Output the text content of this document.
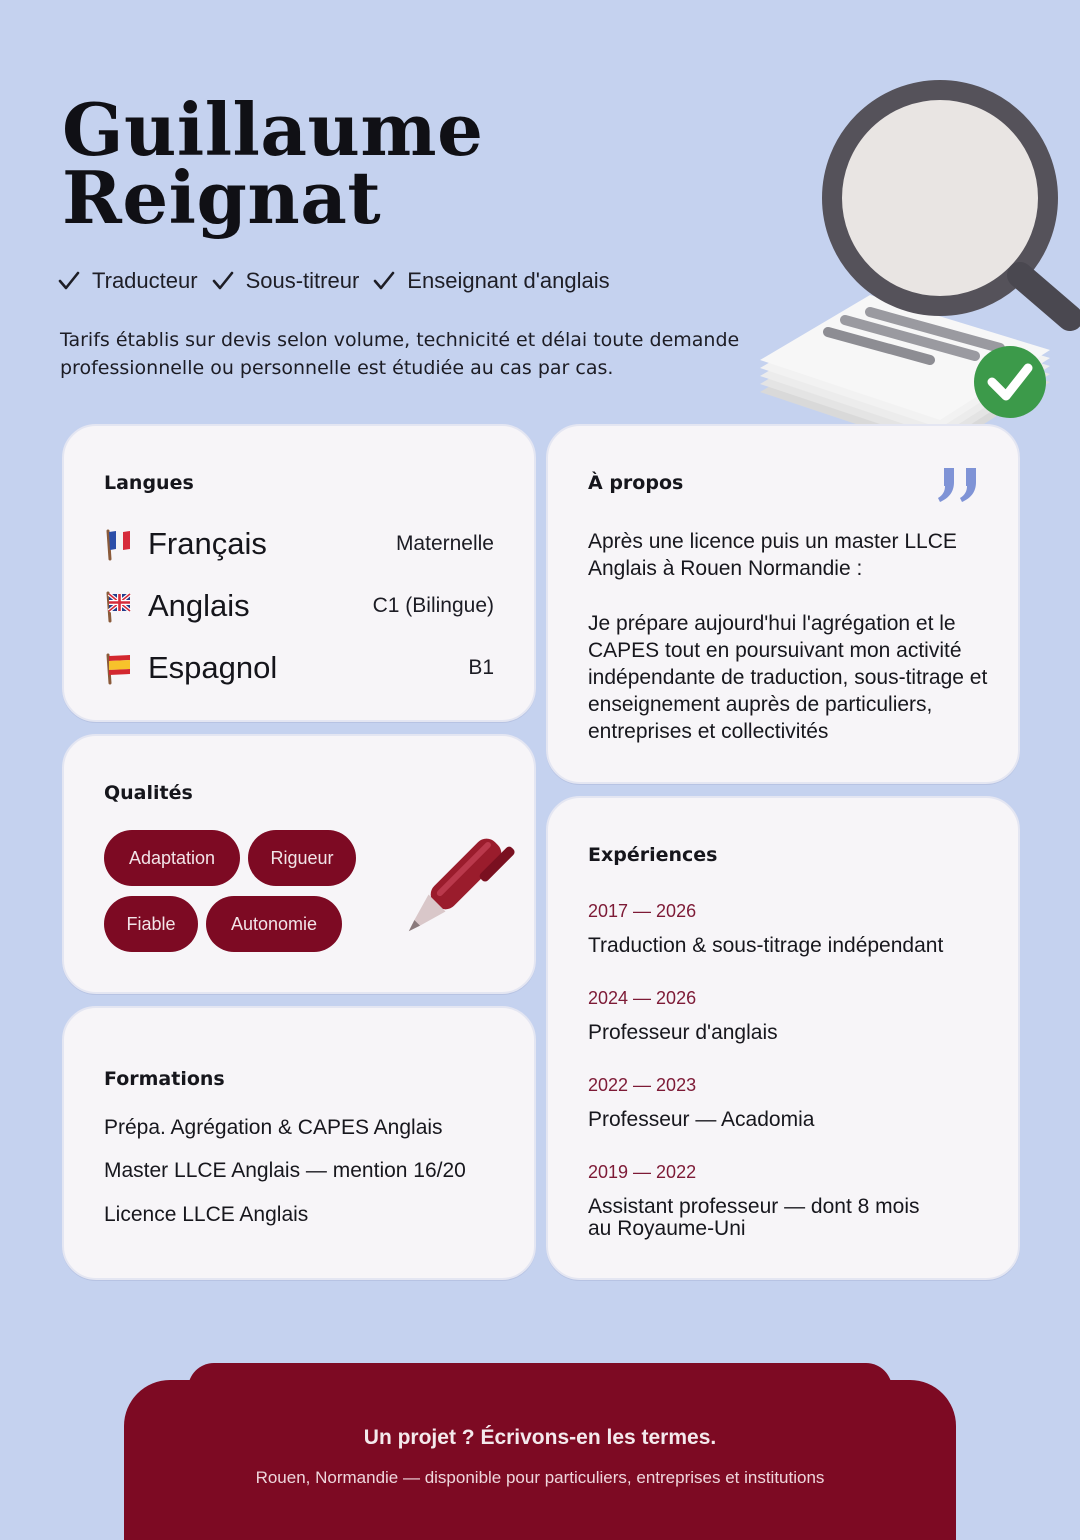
Guillaume
Reignat
Traducteur Sous-titreur Enseignant d'anglais

Tarifs établis sur devis selon volume, technicité et délai toute demande professionnelle ou personnelle est étudiée au cas par cas.

Langues
Français	Maternelle
Anglais	C1 (Bilingue)
Espagnol	B1
Qualités
Adaptation	Rigueur
Fiable	Autonomie
Formations
Prépa. Agrégation & CAPES Anglais
Master LLCE Anglais — mention 16/20
Licence LLCE Anglais
À propos

Après une licence puis un master LLCE Anglais à Rouen Normandie :

Je prépare aujourd'hui l'agrégation et le CAPES tout en poursuivant mon activité indépendante de traduction, sous-titrage et enseignement auprès de particuliers, entreprises et collectivités

Expériences
2017 — 2026
Traduction & sous-titrage indépendant
2024 — 2026
Professeur d'anglais
2022 — 2023
Professeur — Acadomia
2019 — 2022
Assistant professeur — dont 8 mois au Royaume-Uni
Un projet ? Écrivons-en les termes.
Rouen, Normandie — disponible pour particuliers, entreprises et institutions
